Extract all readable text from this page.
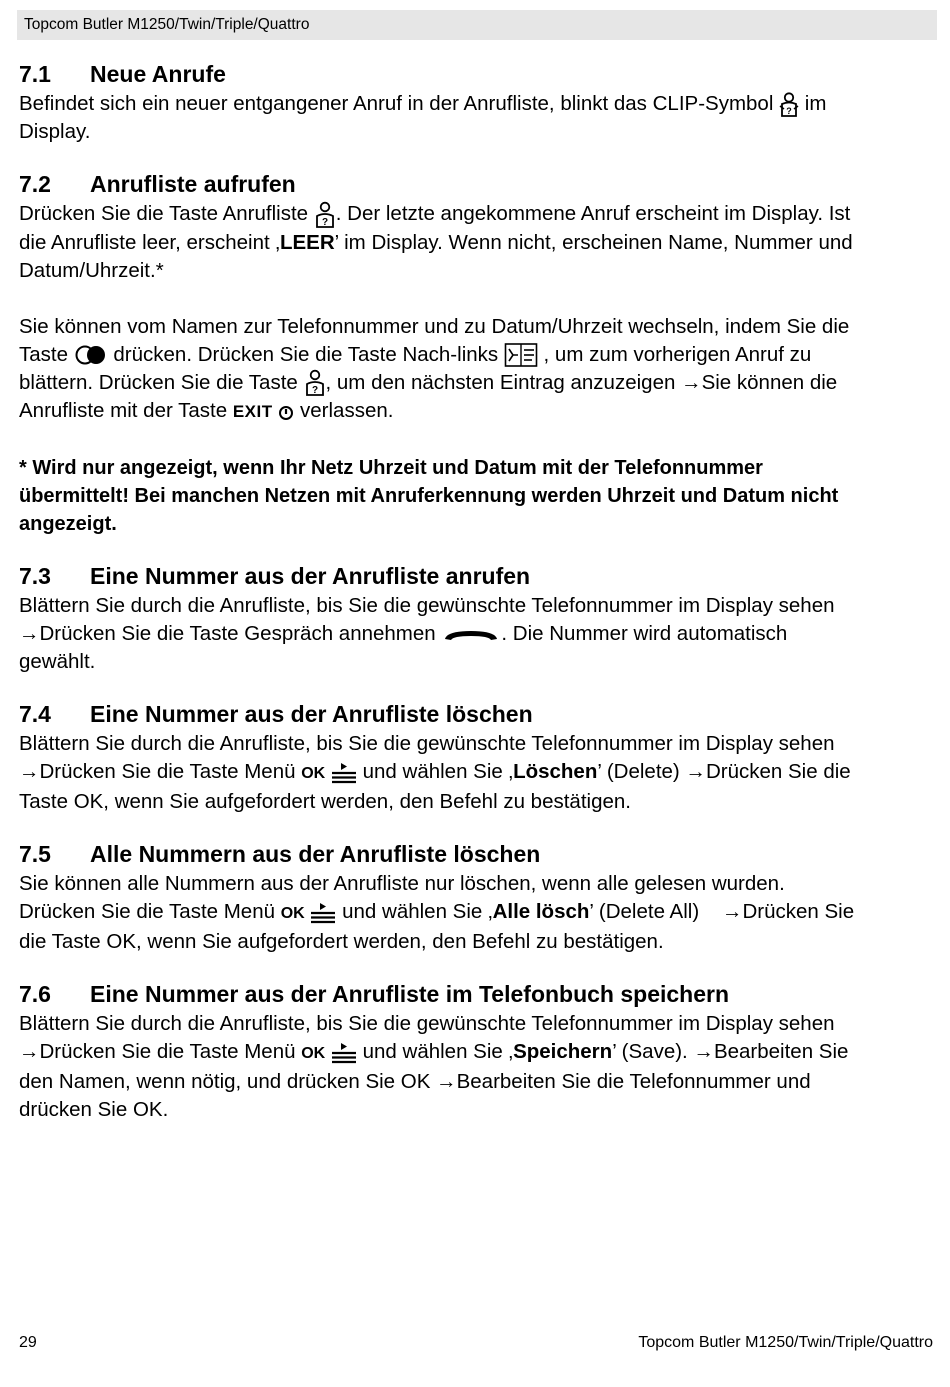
Topcom Butler M1250/Twin/Triple/Quattro
7.1 Neue Anrufe

Befindet sich ein neuer entgangener Anruf in der Anrufliste, blinkt das CLIP-Symbol ? im

Display.

7.2 Anrufliste aufrufen

Drücken Sie die Taste Anrufliste ? . Der letzte angekommene Anruf erscheint im Display. Ist

die Anrufliste leer, erscheint ‚LEER’ im Display. Wenn nicht, erscheinen Name, Nummer und

Datum/Uhrzeit.*

Sie können vom Namen zur Telefonnummer und zu Datum/Uhrzeit wechseln, indem Sie die

Taste
drücken. Drücken Sie die Taste Nach-links
, um zum vorherigen Anruf zu

blättern. Drücken Sie die Taste ? , um den nächsten Eintrag anzuzeigen →Sie können die

Anrufliste mit der Taste EXIT
verlassen.

* Wird nur angezeigt, wenn Ihr Netz Uhrzeit und Datum mit der Telefonnummer

übermittelt! Bei manchen Netzen mit Anruferkennung werden Uhrzeit und Datum nicht

angezeigt.

7.3 Eine Nummer aus der Anrufliste anrufen

Blättern Sie durch die Anrufliste, bis Sie die gewünschte Telefonnummer im Display sehen

→Drücken Sie die Taste Gespräch annehmen	. Die Nummer wird automatisch

gewählt.

7.4 Eine Nummer aus der Anrufliste löschen

Blättern Sie durch die Anrufliste, bis Sie die gewünschte Telefonnummer im Display sehen

→Drücken Sie die Taste Menü OK
und wählen Sie ‚Löschen’ (Delete) →Drücken Sie die

Taste OK, wenn Sie aufgefordert werden, den Befehl zu bestätigen.

7.5 Alle Nummern aus der Anrufliste löschen

Sie können alle Nummern aus der Anrufliste nur löschen, wenn alle gelesen wurden.

Drücken Sie die Taste Menü OK
und wählen Sie ‚Alle lösch’ (Delete All)    →Drücken Sie

die Taste OK, wenn Sie aufgefordert werden, den Befehl zu bestätigen.

7.6 Eine Nummer aus der Anrufliste im Telefonbuch speichern

Blättern Sie durch die Anrufliste, bis Sie die gewünschte Telefonnummer im Display sehen

→Drücken Sie die Taste Menü OK
und wählen Sie ‚Speichern’ (Save). →Bearbeiten Sie

den Namen, wenn nötig, und drücken Sie OK →Bearbeiten Sie die Telefonnummer und

drücken Sie OK.

29	Topcom Butler M1250/Twin/Triple/Quattro
